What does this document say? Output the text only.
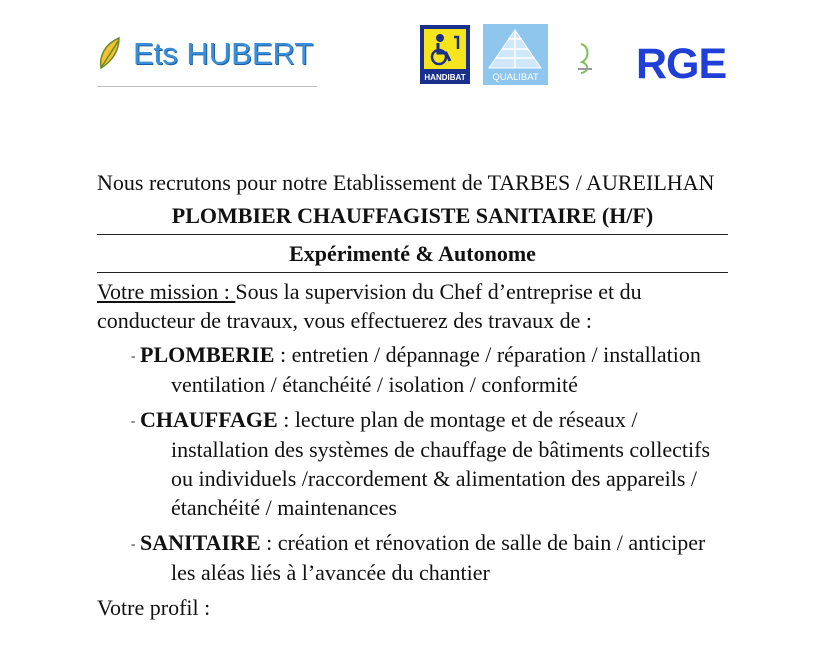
Ets HUBERT
HANDIBAT	QUALIBAT RGE

Nous recrutons pour notre Etablissement de TARBES / AUREILHAN

PLOMBIER CHAUFFAGISTE SANITAIRE (H/F)

Expérimenté & Autonome

Votre mission : Sous la supervision du Chef d’entreprise et du conducteur de travaux, vous effectuerez des travaux de :

- PLOMBERIE : entretien / dépannage / réparation / installation ventilation / étanchéité / isolation / conformité
- CHAUFFAGE : lecture plan de montage et de réseaux / installation des systèmes de chauffage de bâtiments collectifs ou individuels /raccordement & alimentation des appareils / étanchéité / maintenances
- SANITAIRE : création et rénovation de salle de bain / anticiper les aléas liés à l’avancée du chantier

Votre profil :
